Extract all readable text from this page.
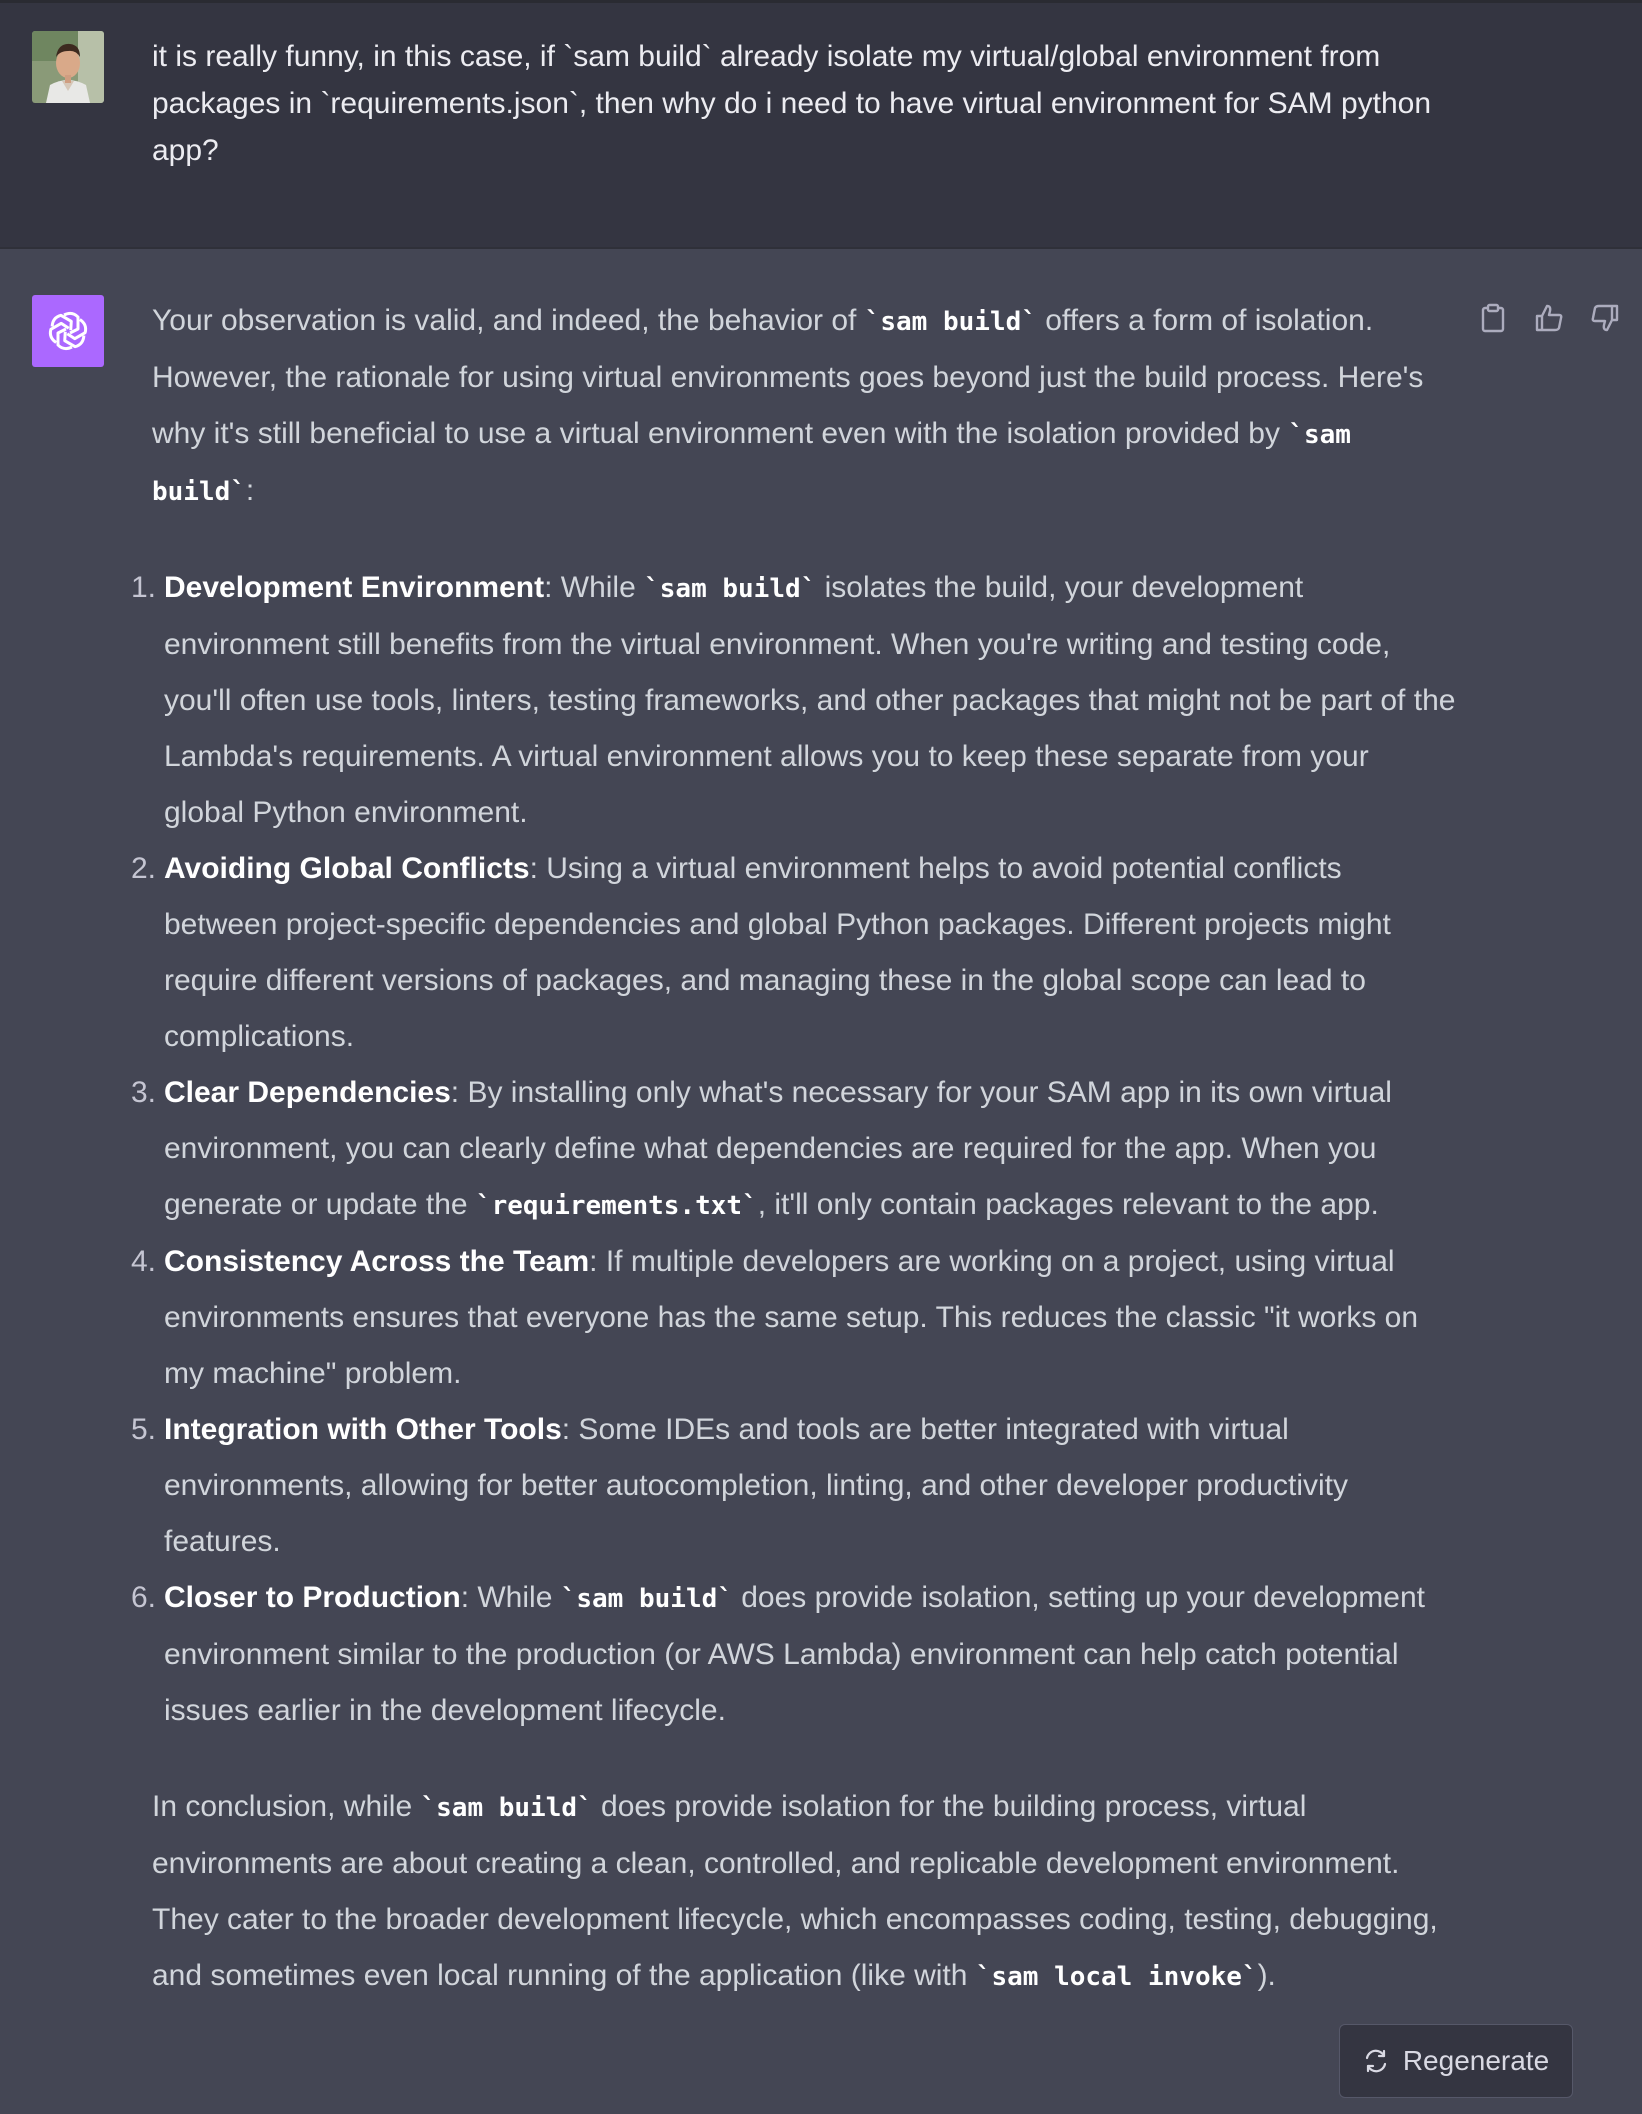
it is really funny, in this case, if `sam build` already isolate my virtual/global environment from packages in `requirements.json`, then why do i need to have virtual environment for SAM python app?

Your observation is valid, and indeed, the behavior of `sam build` offers a form of isolation. However, the rationale for using virtual environments goes beyond just the build process. Here's why it's still beneficial to use a virtual environment even with the isolation provided by `sam build`:

1. Development Environment: While `sam build` isolates the build, your development environment still benefits from the virtual environment. When you're writing and testing code, you'll often use tools, linters, testing frameworks, and other packages that might not be part of the Lambda's requirements. A virtual environment allows you to keep these separate from your global Python environment.
2. Avoiding Global Conflicts: Using a virtual environment helps to avoid potential conflicts between project-specific dependencies and global Python packages. Different projects might require different versions of packages, and managing these in the global scope can lead to complications.
3. Clear Dependencies: By installing only what's necessary for your SAM app in its own virtual environment, you can clearly define what dependencies are required for the app. When you generate or update the `requirements.txt`, it'll only contain packages relevant to the app.
4. Consistency Across the Team: If multiple developers are working on a project, using virtual environments ensures that everyone has the same setup. This reduces the classic "it works on my machine" problem.
5. Integration with Other Tools: Some IDEs and tools are better integrated with virtual environments, allowing for better autocompletion, linting, and other developer productivity features.
6. Closer to Production: While `sam build` does provide isolation, setting up your development environment similar to the production (or AWS Lambda) environment can help catch potential issues earlier in the development lifecycle.

In conclusion, while `sam build` does provide isolation for the building process, virtual environments are about creating a clean, controlled, and replicable development environment. They cater to the broader development lifecycle, which encompasses coding, testing, debugging, and sometimes even local running of the application (like with `sam local invoke`).

Regenerate
